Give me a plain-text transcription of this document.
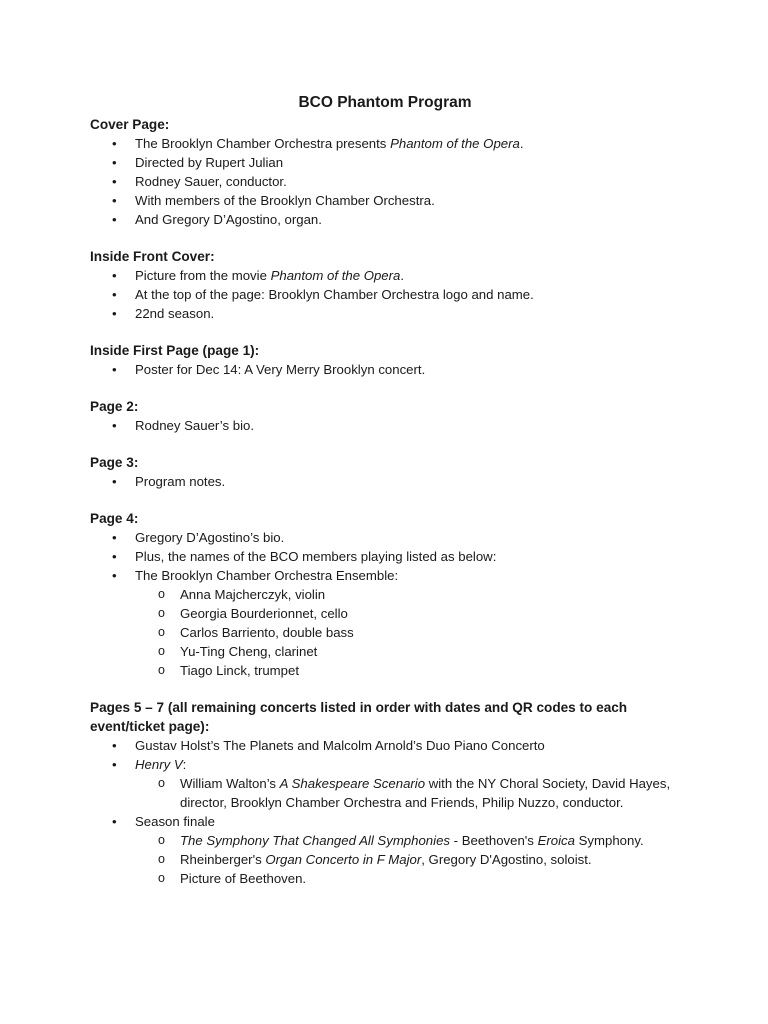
BCO Phantom Program
Cover Page:
• The Brooklyn Chamber Orchestra presents Phantom of the Opera.
• Directed by Rupert Julian
• Rodney Sauer, conductor.
• With members of the Brooklyn Chamber Orchestra.
• And Gregory D’Agostino, organ.
Inside Front Cover:
• Picture from the movie Phantom of the Opera.
• At the top of the page: Brooklyn Chamber Orchestra logo and name.
• 22nd season.
Inside First Page (page 1):
• Poster for Dec 14: A Very Merry Brooklyn concert.
Page 2:
• Rodney Sauer’s bio.
Page 3:
• Program notes.
Page 4:
• Gregory D’Agostino’s bio.
• Plus, the names of the BCO members playing listed as below:
• The Brooklyn Chamber Orchestra Ensemble:
o Anna Majcherczyk, violin
o Georgia Bourderionnet, cello
o Carlos Barriento, double bass
o Yu-Ting Cheng, clarinet
o Tiago Linck, trumpet
Pages 5 – 7 (all remaining concerts listed in order with dates and QR codes to each event/ticket page):
• Gustav Holst’s The Planets and Malcolm Arnold’s Duo Piano Concerto
• Henry V:
o William Walton’s A Shakespeare Scenario with the NY Choral Society, David Hayes, director, Brooklyn Chamber Orchestra and Friends, Philip Nuzzo, conductor.
• Season finale
o The Symphony That Changed All Symphonies - Beethoven's Eroica Symphony.
o Rheinberger's Organ Concerto in F Major, Gregory D'Agostino, soloist.
o Picture of Beethoven.
